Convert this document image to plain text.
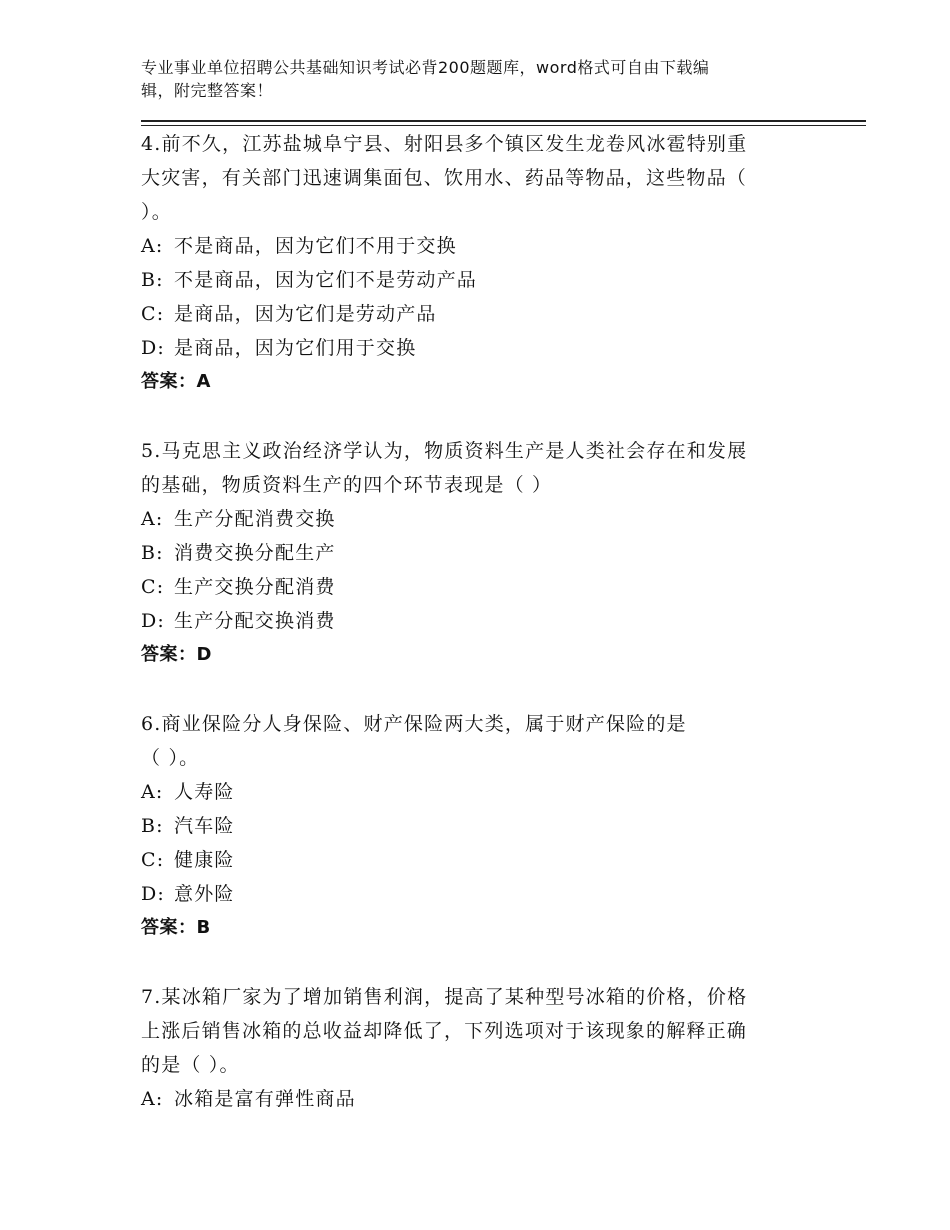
专业事业单位招聘公共基础知识考试必背200题题库，word格式可自由下载编
辑，附完整答案！
4.前不久，江苏盐城阜宁县、射阳县多个镇区发生龙卷风冰雹特别重
大灾害，有关部门迅速调集面包、饮用水、药品等物品，这些物品（
）。
A: 不是商品，因为它们不用于交换
B: 不是商品，因为它们不是劳动产品
C: 是商品，因为它们是劳动产品
D: 是商品，因为它们用于交换
答案：A
5.马克思主义政治经济学认为，物质资料生产是人类社会存在和发展
的基础，物质资料生产的四个环节表现是（ ）
A: 生产分配消费交换
B: 消费交换分配生产
C: 生产交换分配消费
D: 生产分配交换消费
答案：D
6.商业保险分人身保险、财产保险两大类，属于财产保险的是
（ ）。
A: 人寿险
B: 汽车险
C: 健康险
D: 意外险
答案：B
7.某冰箱厂家为了增加销售利润，提高了某种型号冰箱的价格，价格
上涨后销售冰箱的总收益却降低了，下列选项对于该现象的解释正确
的是（ ）。
A: 冰箱是富有弹性商品
